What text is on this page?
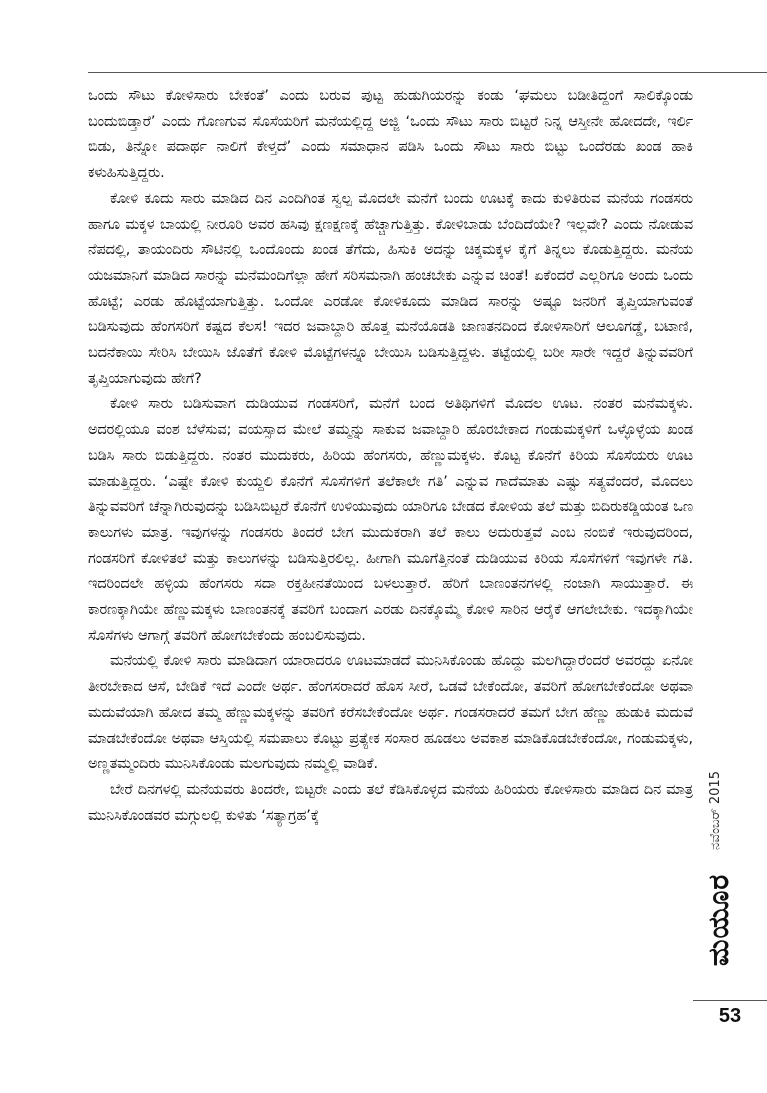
ಒಂದು ಸೌಟು ಕೋಳಿಸಾರು ಬೇಕಂತೆ’ ಎಂದು ಬರುವ ಪುಟ್ಟ ಹುಡುಗಿಯರನ್ನು ಕಂಡು ‘ಘಮಲು ಬಡೀತಿದ್ದಂಗೆ ಸಾಲಿಕ್ಕೊಂಡು ಬಂದುಬಿಡ್ತಾರೆ’ ಎಂದು ಗೊಣಗುವ ಸೊಸೆಯರಿಗೆ ಮನೆಯಲ್ಲಿದ್ದ ಅಜ್ಜಿ ‘ಒಂದು ಸೌಟು ಸಾರು ಬಿಟ್ಟರೆ ನಿನ್ನ ಆಸ್ತೀನೇ ಹೋದದೇ, ಇರ್ಲಿ ಬಿಡು, ತಿನ್ನೋ ಪದಾರ್ಥ ನಾಲಿಗೆ ಕೇಳ್ತದೆ’ ಎಂದು ಸಮಾಧಾನ ಪಡಿಸಿ ಒಂದು ಸೌಟು ಸಾರು ಬಿಟ್ಟು ಒಂದೆರಡು ಖಂಡ ಹಾಕಿ ಕಳುಹಿಸುತ್ತಿದ್ದರು.

ಕೋಳಿ ಕೂದು ಸಾರು ಮಾಡಿದ ದಿನ ಎಂದಿಗಿಂತ ಸ್ವಲ್ಪ ಮೊದಲೇ ಮನೆಗೆ ಬಂದು ಊಟಕ್ಕೆ ಕಾದು ಕುಳಿತಿರುವ ಮನೆಯ ಗಂಡಸರು ಹಾಗೂ ಮಕ್ಕಳ ಬಾಯಲ್ಲಿ ನೀರೂರಿ ಅವರ ಹಸಿವು ಕ್ಷಣಕ್ಷಣಕ್ಕೆ ಹೆಚ್ಚಾಗುತ್ತಿತ್ತು. ಕೋಳಿಬಾಡು ಬೆಂದಿದೆಯೇ? ಇಲ್ಲವೇ? ಎಂದು ನೋಡುವ ನೆಪದಲ್ಲಿ, ತಾಯಂದಿರು ಸೌಟಿನಲ್ಲಿ ಒಂದೊಂದು ಖಂಡ ತೆಗೆದು, ಹಿಸುಕಿ ಅದನ್ನು ಚಿಕ್ಕಮಕ್ಕಳ ಕೈಗೆ ತಿನ್ನಲು ಕೊಡುತ್ತಿದ್ದರು. ಮನೆಯ ಯಜಮಾನಿಗೆ ಮಾಡಿದ ಸಾರನ್ನು ಮನೆಮಂದಿಗೆಲ್ಲಾ ಹೇಗೆ ಸರಿಸಮನಾಗಿ ಹಂಚಬೇಕು ಎನ್ನುವ ಚಿಂತೆ! ಏಕೆಂದರೆ ಎಲ್ಲರಿಗೂ ಅಂದು ಒಂದು ಹೊಟ್ಟೆ; ಎರಡು ಹೊಟ್ಟೆಯಾಗುತ್ತಿತ್ತು. ಒಂದೋ ಎರಡೋ ಕೋಳಿಕೂದು ಮಾಡಿದ ಸಾರನ್ನು ಅಷ್ಟೂ ಜನರಿಗೆ ತೃಪ್ತಿಯಾಗುವಂತೆ ಬಡಿಸುವುದು ಹೆಂಗಸರಿಗೆ ಕಷ್ಟದ ಕೆಲಸ! ಇದರ ಜವಾಬ್ದಾರಿ ಹೊತ್ತ ಮನೆಯೊಡತಿ ಜಾಣತನದಿಂದ ಕೋಳಿಸಾರಿಗೆ ಆಲೂಗಡ್ಡೆ, ಬಟಾಣಿ, ಬದನೆಕಾಯಿ ಸೇರಿಸಿ ಬೇಯಿಸಿ ಜೊತೆಗೆ ಕೋಳಿ ಮೊಟ್ಟೆಗಳನ್ನೂ ಬೇಯಿಸಿ ಬಡಿಸುತ್ತಿದ್ದಳು. ತಟ್ಟೆಯಲ್ಲಿ ಬರೀ ಸಾರೇ ಇದ್ದರೆ ತಿನ್ನುವವರಿಗೆ ತೃಪ್ತಿಯಾಗುವುದು ಹೇಗೆ?

ಕೋಳಿ ಸಾರು ಬಡಿಸುವಾಗ ದುಡಿಯುವ ಗಂಡಸರಿಗೆ, ಮನೆಗೆ ಬಂದ ಅತಿಥಿಗಳಿಗೆ ಮೊದಲ ಊಟ. ನಂತರ ಮನೆಮಕ್ಕಳು. ಅದರಲ್ಲಿಯೂ ವಂಶ ಬೆಳೆಸುವ; ವಯಸ್ಸಾದ ಮೇಲೆ ತಮ್ಮನ್ನು ಸಾಕುವ ಜವಾಬ್ದಾರಿ ಹೊರಬೇಕಾದ ಗಂಡುಮಕ್ಕಳಿಗೆ ಒಳ್ಳೊಳ್ಳೆಯ ಖಂಡ ಬಡಿಸಿ ಸಾರು ಬಿಡುತ್ತಿದ್ದರು. ನಂತರ ಮುದುಕರು, ಹಿರಿಯ ಹೆಂಗಸರು, ಹೆಣ್ಣುಮಕ್ಕಳು. ಕೊಟ್ಟ ಕೊನೆಗೆ ಕಿರಿಯ ಸೊಸೆಯರು ಊಟ ಮಾಡುತ್ತಿದ್ದರು. ‘ಎಷ್ಟೇ ಕೋಳಿ ಕುಯ್ದಲಿ ಕೊನೆಗೆ ಸೊಸೆಗಳಿಗೆ ತಲೆಕಾಲೇ ಗತಿ’ ಎನ್ನುವ ಗಾದೆಮಾತು ಎಷ್ಟು ಸತ್ಯವೆಂದರೆ, ಮೊದಲು ತಿನ್ನುವವರಿಗೆ ಚೆನ್ನಾಗಿರುವುದನ್ನು ಬಡಿಸಿಬಿಟ್ಟರೆ ಕೊನೆಗೆ ಉಳಿಯುವುದು ಯಾರಿಗೂ ಬೇಡದ ಕೋಳಿಯ ತಲೆ ಮತ್ತು ಬಿದಿರುಕಡ್ಡಿಯಂತ ಒಣ ಕಾಲುಗಳು ಮಾತ್ರ. ಇವುಗಳನ್ನು ಗಂಡಸರು ತಿಂದರೆ ಬೇಗ ಮುದುಕರಾಗಿ ತಲೆ ಕಾಲು ಅದುರುತ್ತವೆ ಎಂಬ ನಂಬಿಕೆ ಇರುವುದರಿಂದ, ಗಂಡಸರಿಗೆ ಕೋಳಿತಲೆ ಮತ್ತು ಕಾಲುಗಳನ್ನು ಬಡಿಸುತ್ತಿರಲಿಲ್ಲ. ಹೀಗಾಗಿ ಮೂಗೆತ್ತಿನಂತೆ ದುಡಿಯುವ ಕಿರಿಯ ಸೊಸೆಗಳಿಗೆ ಇವುಗಳೇ ಗತಿ. ಇದರಿಂದಲೇ ಹಳ್ಳಿಯ ಹೆಂಗಸರು ಸದಾ ರಕ್ತಹೀನತೆಯಿಂದ ಬಳಲುತ್ತಾರೆ. ಹೆರಿಗೆ ಬಾಣಂತನಗಳಲ್ಲಿ ನಂಜಾಗಿ ಸಾಯುತ್ತಾರೆ. ಈ ಕಾರಣಕ್ಕಾಗಿಯೇ ಹೆಣ್ಣುಮಕ್ಕಳು ಬಾಣಂತನಕ್ಕೆ ತವರಿಗೆ ಬಂದಾಗ ಎರಡು ದಿನಕ್ಕೊಮ್ಮೆ ಕೋಳಿ ಸಾರಿನ ಆರೈಕೆ ಆಗಲೇಬೇಕು. ಇದಕ್ಕಾಗಿಯೇ ಸೊಸೆಗಳು ಆಗಾಗ್ಗೆ ತವರಿಗೆ ಹೋಗಬೇಕೆಂದು ಹಂಬಲಿಸುವುದು.

ಮನೆಯಲ್ಲಿ ಕೋಳಿ ಸಾರು ಮಾಡಿದಾಗ ಯಾರಾದರೂ ಊಟಮಾಡದೆ ಮುನಿಸಿಕೊಂಡು ಹೊದ್ದು ಮಲಗಿದ್ದಾರೆಂದರೆ ಅವರದ್ದು ಏನೋ ತೀರಬೇಕಾದ ಆಸೆ, ಬೇಡಿಕೆ ಇದೆ ಎಂದೇ ಅರ್ಥ. ಹೆಂಗಸರಾದರೆ ಹೊಸ ಸೀರೆ, ಒಡವೆ ಬೇಕೆಂದೋ, ತವರಿಗೆ ಹೋಗಬೇಕೆಂದೋ ಅಥವಾ ಮದುವೆಯಾಗಿ ಹೋದ ತಮ್ಮ ಹೆಣ್ಣುಮಕ್ಕಳನ್ನು ತವರಿಗೆ ಕರೆಸಬೇಕೆಂದೋ ಅರ್ಥ. ಗಂಡಸರಾದರೆ ತಮಗೆ ಬೇಗ ಹೆಣ್ಣು ಹುಡುಕಿ ಮದುವೆ ಮಾಡಬೇಕೆಂದೋ ಅಥವಾ ಆಸ್ತಿಯಲ್ಲಿ ಸಮಪಾಲು ಕೊಟ್ಟು ಪ್ರತ್ಯೇಕ ಸಂಸಾರ ಹೂಡಲು ಅವಕಾಶ ಮಾಡಿಕೊಡಬೇಕೆಂದೋ, ಗಂಡುಮಕ್ಕಳು, ಅಣ್ಣತಮ್ಮಂದಿರು ಮುನಿಸಿಕೊಂಡು ಮಲಗುವುದು ನಮ್ಮಲ್ಲಿ ವಾಡಿಕೆ.

ಬೇರೆ ದಿನಗಳಲ್ಲಿ ಮನೆಯವರು ತಿಂದರೇ, ಬಿಟ್ಟರೇ ಎಂದು ತಲೆ ಕೆಡಿಸಿಕೊಳ್ಳದ ಮನೆಯ ಹಿರಿಯರು ಕೋಳಿಸಾರು ಮಾಡಿದ ದಿನ ಮಾತ್ರ ಮುನಿಸಿಕೊಂಡವರ ಮಗ್ಗುಲಲ್ಲಿ ಕುಳಿತು ‘ಸತ್ಯಾಗ್ರಹ’ಕ್ಕೆ	ನವೆಂಬರ್ 2015
ಮಯೂರ
53
